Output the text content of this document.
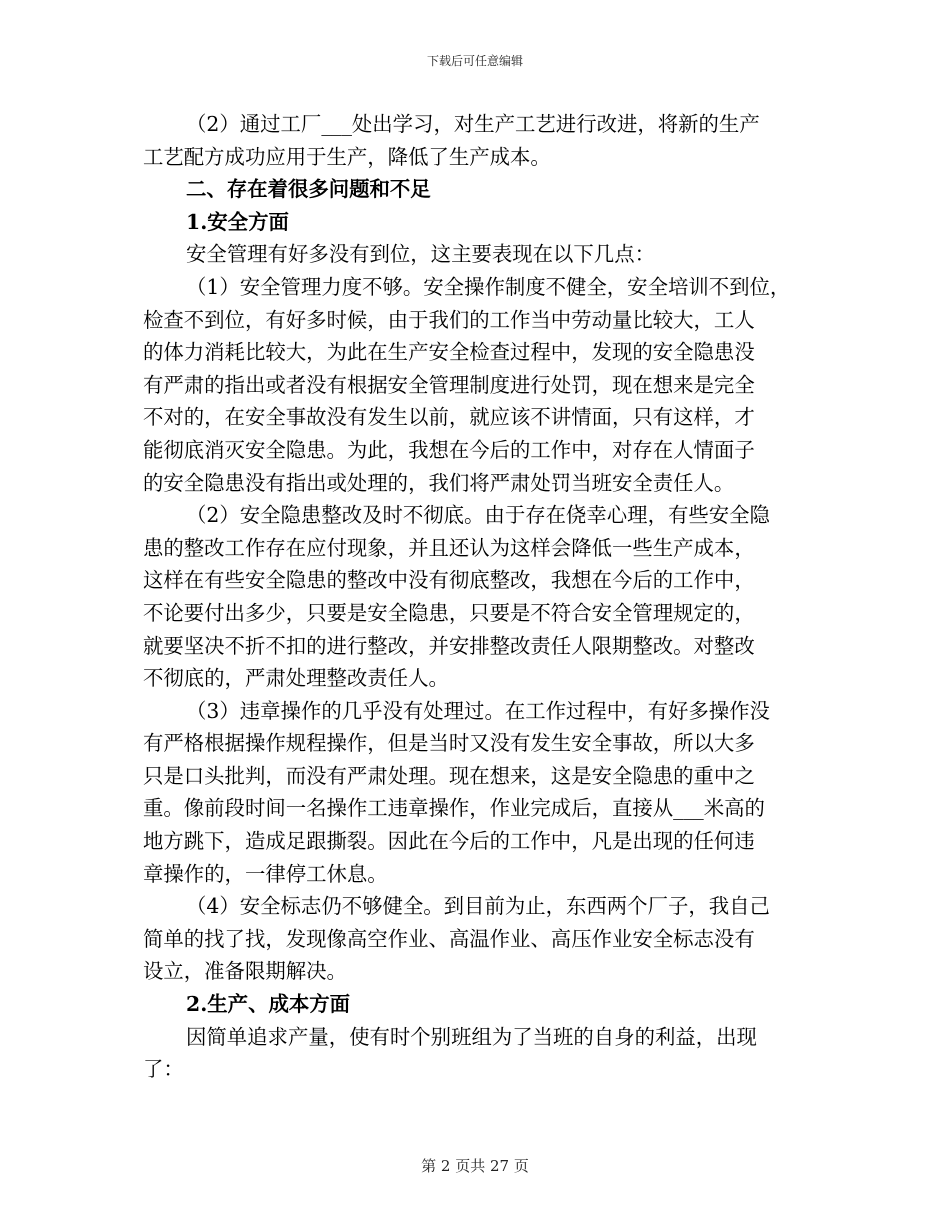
下载后可任意编辑
（2）通过工厂___处出学习，对生产工艺进行改进，将新的生产
工艺配方成功应用于生产，降低了生产成本。
二、存在着很多问题和不足
1.安全方面
安全管理有好多没有到位，这主要表现在以下几点：
（1）安全管理力度不够。安全操作制度不健全，安全培训不到位，
检查不到位，有好多时候，由于我们的工作当中劳动量比较大，工人
的体力消耗比较大，为此在生产安全检查过程中，发现的安全隐患没
有严肃的指出或者没有根据安全管理制度进行处罚，现在想来是完全
不对的，在安全事故没有发生以前，就应该不讲情面，只有这样，才
能彻底消灭安全隐患。为此，我想在今后的工作中，对存在人情面子
的安全隐患没有指出或处理的，我们将严肃处罚当班安全责任人。
（2）安全隐患整改及时不彻底。由于存在侥幸心理，有些安全隐
患的整改工作存在应付现象，并且还认为这样会降低一些生产成本，
这样在有些安全隐患的整改中没有彻底整改，我想在今后的工作中，
不论要付出多少，只要是安全隐患，只要是不符合安全管理规定的，
就要坚决不折不扣的进行整改，并安排整改责任人限期整改。对整改
不彻底的，严肃处理整改责任人。
（3）违章操作的几乎没有处理过。在工作过程中，有好多操作没
有严格根据操作规程操作，但是当时又没有发生安全事故，所以大多
只是口头批判，而没有严肃处理。现在想来，这是安全隐患的重中之
重。像前段时间一名操作工违章操作，作业完成后，直接从___米高的
地方跳下，造成足跟撕裂。因此在今后的工作中，凡是出现的任何违
章操作的，一律停工休息。
（4）安全标志仍不够健全。到目前为止，东西两个厂子，我自己
简单的找了找，发现像高空作业、高温作业、高压作业安全标志没有
设立，准备限期解决。
2.生产、成本方面
因简单追求产量，使有时个别班组为了当班的自身的利益，出现
了：
第 2 页共 27 页
